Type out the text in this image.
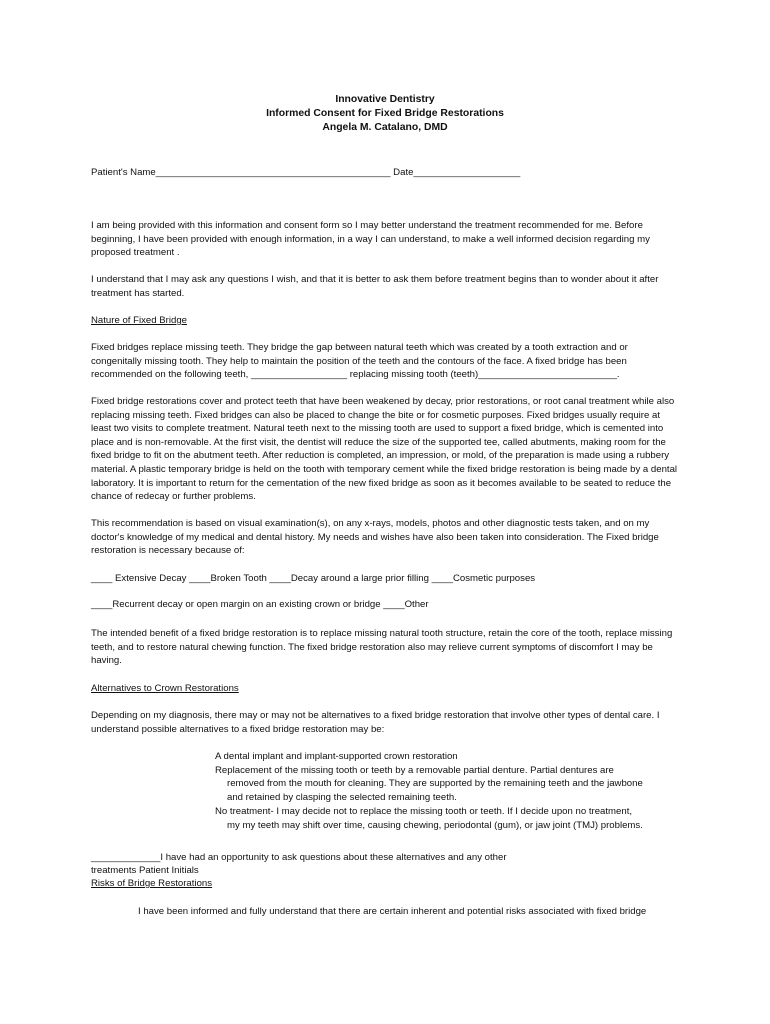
Innovative Dentistry
Informed Consent for Fixed Bridge Restorations
Angela M. Catalano, DMD

Patient's Name____________________________________________ Date____________________

I am being provided with this information and consent form so I may better understand the treatment recommended for me. Before beginning, I have been provided with enough information, in a way I can understand, to make a well informed decision regarding my proposed treatment .

I understand that I may ask any questions I wish, and that it is better to ask them before treatment begins than to wonder about it after treatment has started.

Nature of Fixed Bridge

Fixed bridges replace missing teeth. They bridge the gap between natural teeth which was created by a tooth extraction and or congenitally missing tooth. They help to maintain the position of the teeth and the contours of the face. A fixed bridge has been recommended on the following teeth, __________________ replacing missing tooth (teeth)__________________________.

Fixed bridge restorations cover and protect teeth that have been weakened by decay, prior restorations, or root canal treatment while also replacing missing teeth. Fixed bridges can also be placed to change the bite or for cosmetic purposes. Fixed bridges usually require at least two visits to complete treatment. Natural teeth next to the missing tooth are used to support a fixed bridge, which is cemented into place and is non-removable. At the first visit, the dentist will reduce the size of the supported tee, called abutments, making room for the fixed bridge to fit on the abutment teeth. After reduction is completed, an impression, or mold, of the preparation is made using a rubbery material. A plastic temporary bridge is held on the tooth with temporary cement while the fixed bridge restoration is being made by a dental laboratory. It is important to return for the cementation of the new fixed bridge as soon as it becomes available to be seated to reduce the chance of redecay or further problems.

This recommendation is based on visual examination(s), on any x-rays, models, photos and other diagnostic tests taken, and on my doctor's knowledge of my medical and dental history. My needs and wishes have also been taken into consideration. The Fixed bridge restoration is necessary because of:

____ Extensive Decay ____Broken Tooth ____Decay around a large prior filling ____Cosmetic purposes

____Recurrent decay or open margin on an existing crown or bridge ____Other

The intended benefit of a fixed bridge restoration is to replace missing natural tooth structure, retain the core of the tooth, replace missing teeth, and to restore natural chewing function. The fixed bridge restoration also may relieve current symptoms of discomfort I may be having.

Alternatives to Crown Restorations

Depending on my diagnosis, there may or may not be alternatives to a fixed bridge restoration that involve other types of dental care. I understand possible alternatives to a fixed bridge restoration may be:

A dental implant and implant-supported crown restoration
Replacement of the missing tooth or teeth by a removable partial denture. Partial dentures are
removed from the mouth for cleaning. They are supported by the remaining teeth and the jawbone
and retained by clasping the selected remaining teeth.
No treatment- I may decide not to replace the missing tooth or teeth. If I decide upon no treatment,
my my teeth may shift over time, causing chewing, periodontal (gum), or jaw joint (TMJ) problems.

_____________I have had an opportunity to ask questions about these alternatives and any other

treatments Patient Initials

Risks of Bridge Restorations

I have been informed and fully understand that there are certain inherent and potential risks associated with fixed bridge
